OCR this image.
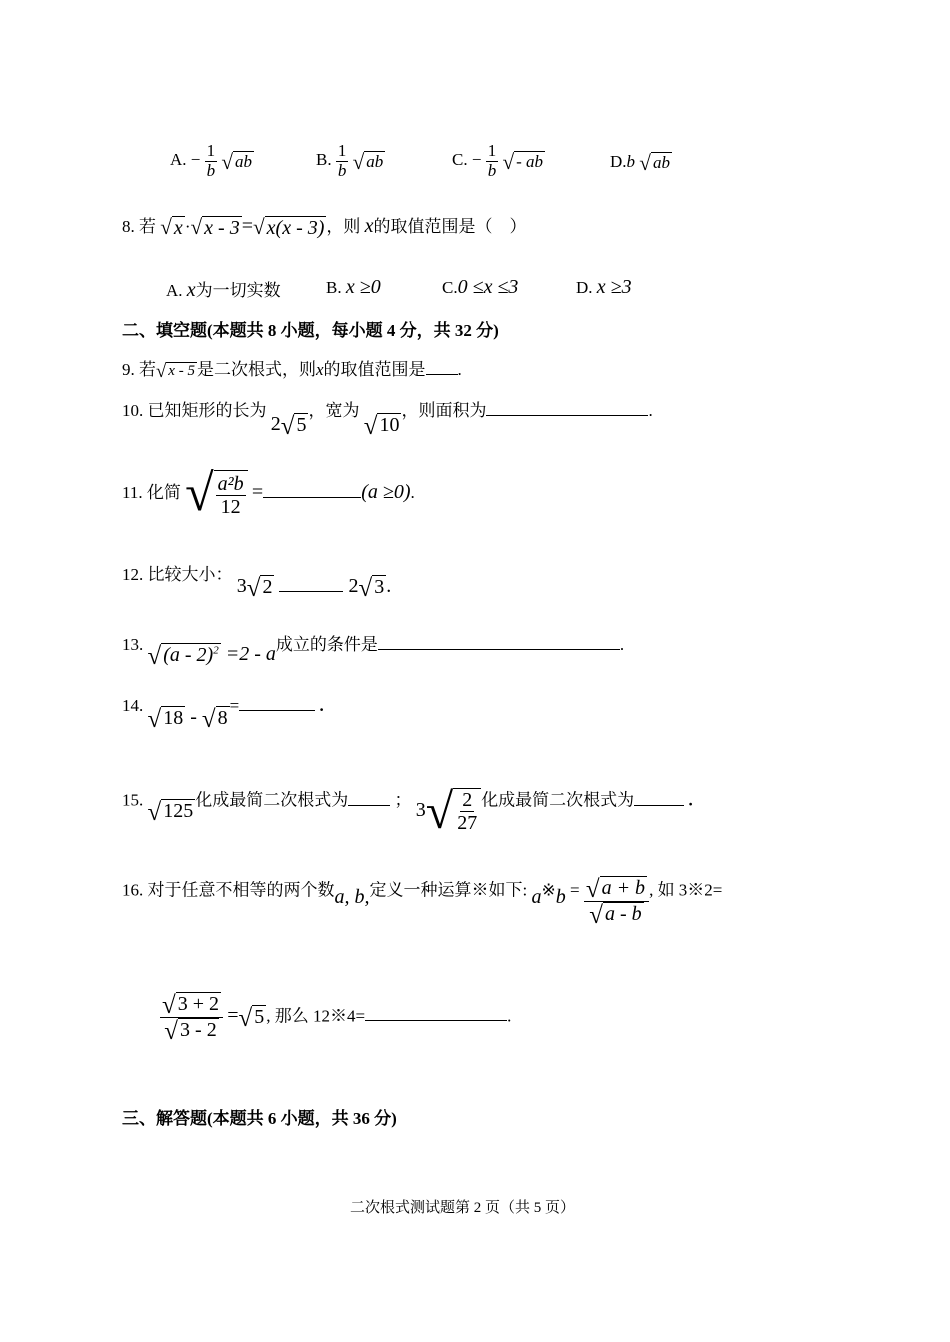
A. − $\frac{1}{b}$
√ ab	B. $\frac{1}{b}$
√ ab	C. − $\frac{1}{b}$
√ - ab	D.b √ ab
8. 若 √ x · √ x - 3 = √ x(x - 3) ，则 x的取值范围是（　）
A. x为一切实数	B. x ≥0	C.0 ≤x ≤3	D. x ≥3
二、填空题(本题共 8 小题，每小题 4 分，共 32 分)
9. 若 √ x - 5 是二次根式，则x的取值范围是 .
10. 已知矩形的长为 2 √ 5
，宽为
√ 10
，则面积为	.
11. 化简 √ $\frac{\text{a²b}}{12}$ =	(a ≥0).
12. 比较大小： 3 √ 2	2 √ 3 .
13. √ (a - 2)$^2$ =2 - a成立的条件是	.
14.
√ 18 - √ 8
=	.
15. √ 125 化成最简二次根式为	； 3 √ $\frac{2}{27}$ 化成最简二次根式为	.
16. 对于任意不相等的两个数a, b,定义一种运算※如下: a※b = $\frac{√ a + b}{√ a - b}$ , 如 3※2=
$\frac{√ 3 + 2}{√ 3 - 2}$ = √ 5 , 那么 12※4=	.
三、解答题(本题共 6 小题，共 36 分)
二次根式测试题第 2 页（共 5 页）
